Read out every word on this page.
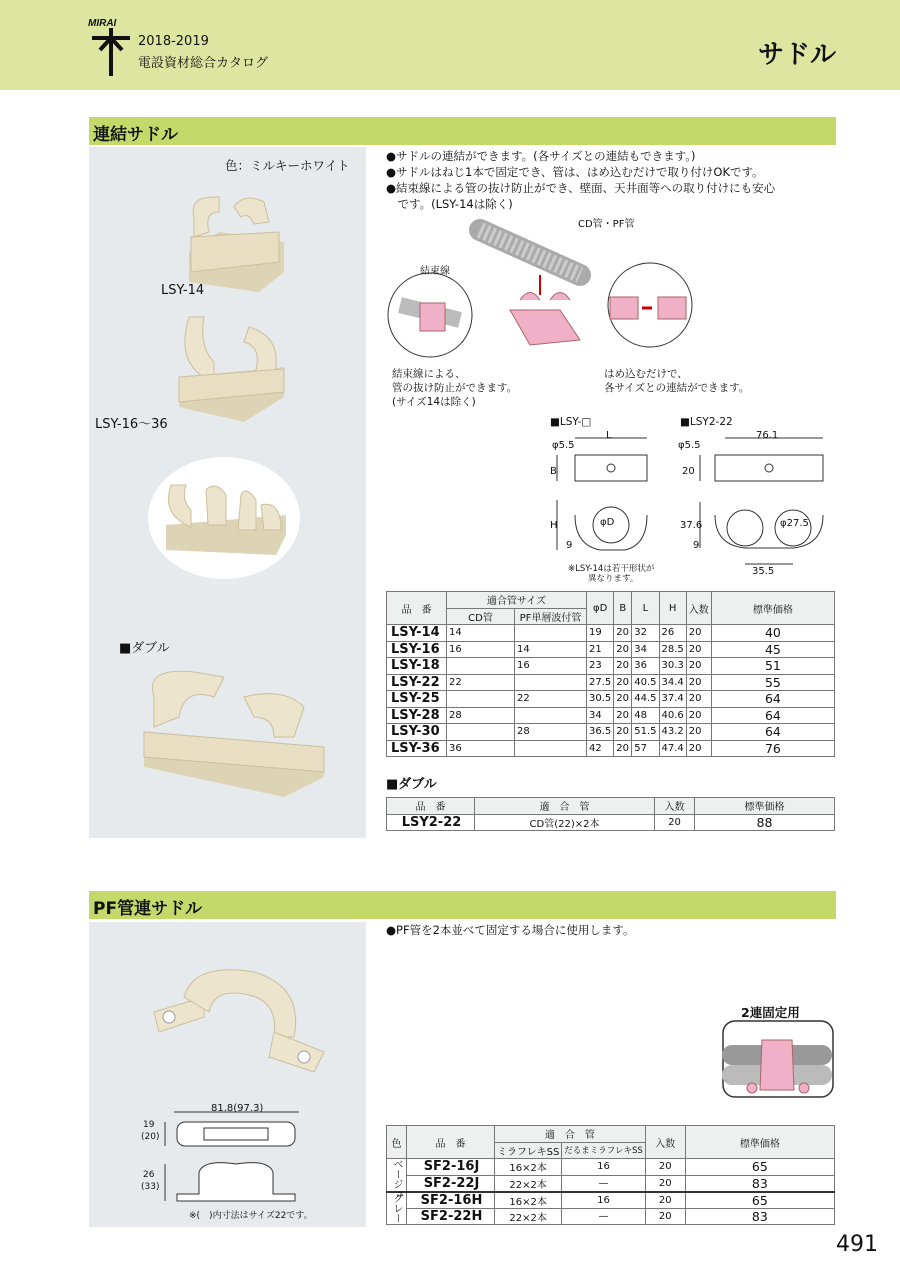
MIRAI
2018-2019
電設資材総合カタログ	サドル
連結サドル
色：ミルキーホワイト
LSY-14
LSY-16〜36
■ダブル
●サドルの連結ができます。(各サイズとの連結もできます。)
●サドルはねじ1本で固定でき、管は、はめ込むだけで取り付けOKです。
●結束線による管の抜け防止ができ、壁面、天井面等への取り付けにも安心
　です。(LSY-14は除く)
CD管・PF管
結束線
結束線による、
管の抜け防止ができます。
(サイズ14は除く)
はめ込むだけで、
各サイズとの連結ができます。
■LSY-□	■LSY2-22
φ5.5
L
B
H	φD
9
※LSY-14は若干形状が
異なります。
φ5.5
76.1
20
37.6
9
φ27.5
35.5
品　番	適合管サイズ		φD	B	L	H	入数	標準価格
	CD管	PF単層波付管						
LSY-14	14		19	20	32	26	20	40
LSY-16	16	14	21	20	34	28.5	20	45
LSY-18		16	23	20	36	30.3	20	51
LSY-22	22		27.5	20	40.5	34.4	20	55
LSY-25		22	30.5	20	44.5	37.4	20	64
LSY-28	28		34	20	48	40.6	20	64
LSY-30		28	36.5	20	51.5	43.2	20	64
LSY-36	36		42	20	57	47.4	20	76
■ダブル
品　番	適　合　管	入数	標準価格
LSY2-22	CD管(22)×2本	20	88
PF管連サドル
81.8(97.3)
19
(20)
26
(33)
※(　)内寸法はサイズ22です。
●PF管を2本並べて固定する場合に使用します。
2連固定用
色	品　番	適　合　管		入数	標準価格
		ミラフレキSS	だるまミラフレキSS		
ベージュ	SF2-16J	16×2本	16	20	65
	SF2-22J	22×2本	—	20	83
グレー	SF2-16H	16×2本	16	20	65
	SF2-22H	22×2本	—	20	83
491
